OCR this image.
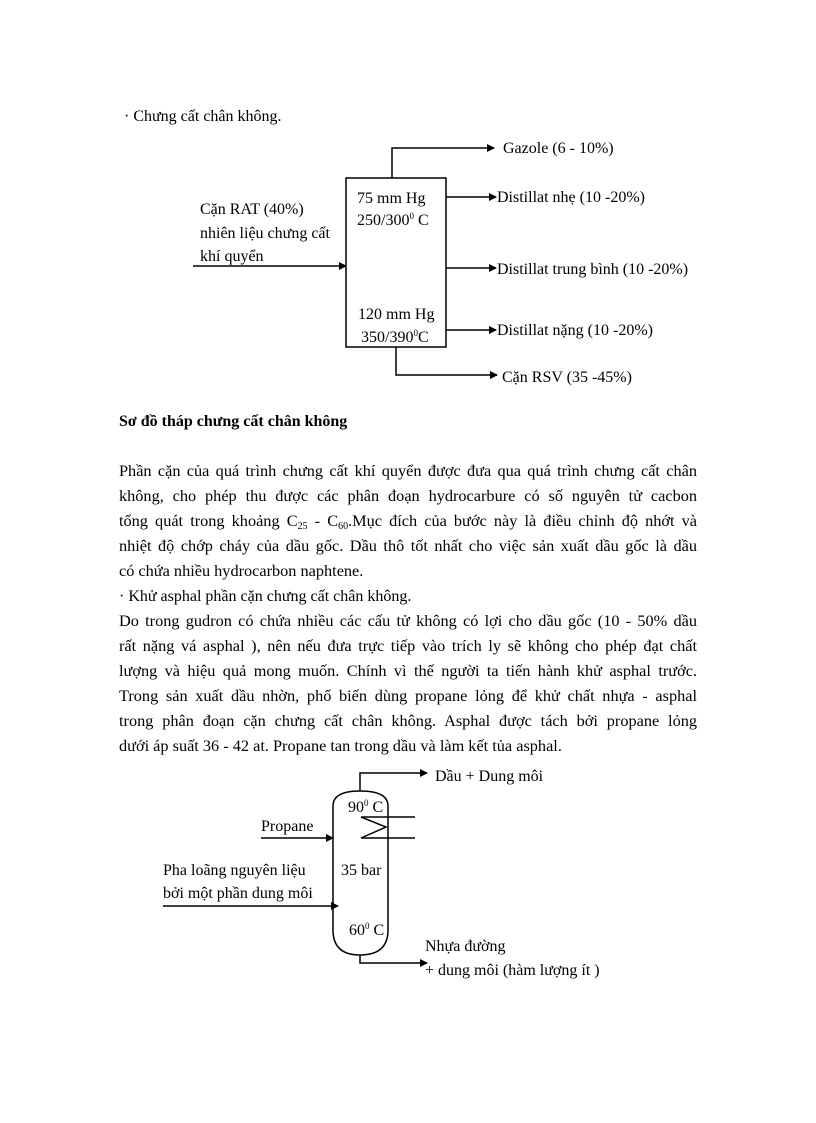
· Chưng cất chân không.
Gazole (6 - 10%)
75 mm Hg
$250/300^0$ C
120 mm Hg
$350/390^0C$
Cặn RAT (40%)
nhiên liệu chưng cất
khí quyển
Distillat nhẹ (10 -20%)
Distillat trung bình (10 -20%)
Distillat nặng (10 -20%)
Cặn RSV (35 -45%)
Sơ đồ tháp chưng cất chân không
Phần cặn của quá trình chưng cất khí quyển được đưa qua quá trình chưng cất chân
không, cho phép thu được các phân đoạn hydrocarbure có số nguyên tử cacbon
tổng quát trong khoảng $C_{25}$ - $C_{60}.Mục$ đích của bước này là điều chỉnh độ nhớt và
nhiệt độ chớp cháy của dầu gốc. Dầu thô tốt nhất cho việc sản xuất dầu gốc là dầu
có chứa nhiều hydrocarbon naphtene.
· Khử asphal phần cặn chưng cất chân không.
Do trong gudron có chứa nhiều các cấu tử không có lợi cho dầu gốc (10 - 50% dầu
rất nặng vá asphal ), nên nếu đưa trực tiếp vào trích ly sẽ không cho phép đạt chất
lượng và hiệu quả mong muốn. Chính vì thế người ta tiến hành khử asphal trước.
Trong sản xuất dầu nhờn, phổ biến dùng propane lỏng để khử chất nhựa - asphal
trong phân đoạn cặn chưng cất chân không. Asphal được tách bởi propane lỏng
dưới áp suất 36 - 42 at. Propane tan trong dầu và làm kết tủa asphal.
Dầu + Dung môi
$90^0$ C
Propane
35 bar
Pha loãng nguyên liệu
bởi một phần dung môi
$60^0$ C
Nhựa đường
+ dung môi (hàm lượng ít )
